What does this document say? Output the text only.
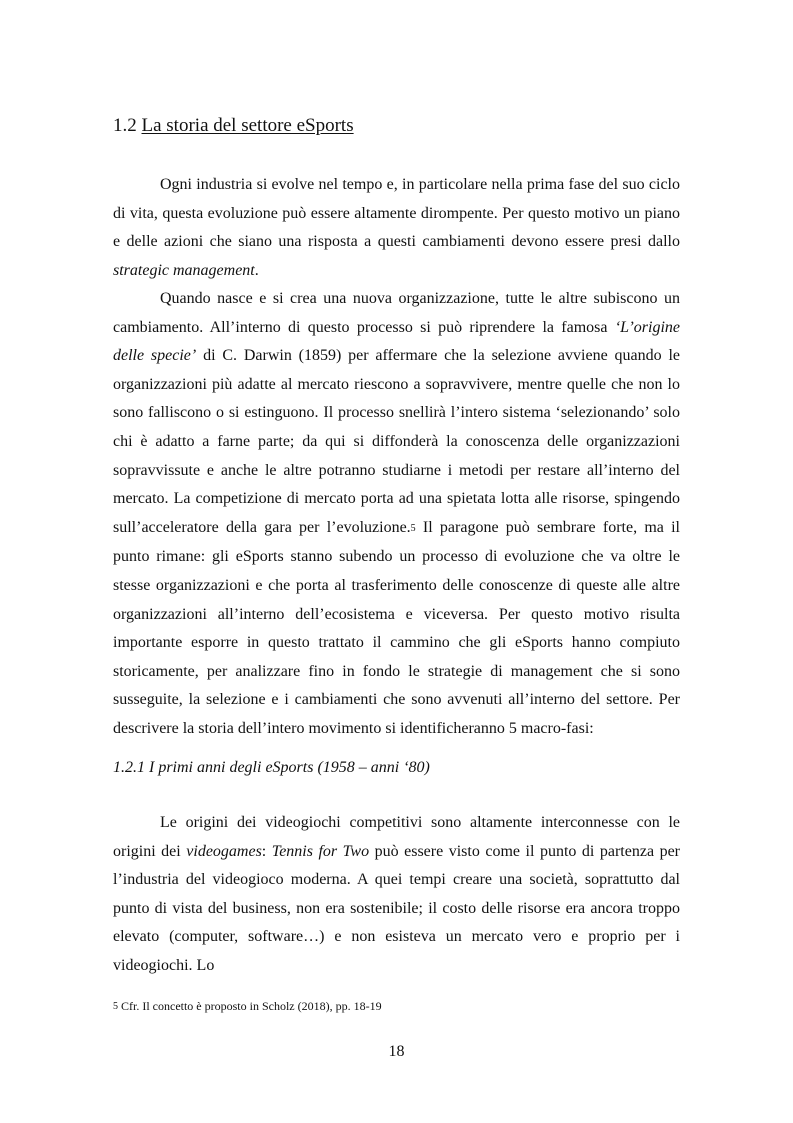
1.2 La storia del settore eSports

Ogni industria si evolve nel tempo e, in particolare nella prima fase del suo ciclo di vita, questa evoluzione può essere altamente dirompente. Per questo motivo un piano e delle azioni che siano una risposta a questi cambiamenti devono essere presi dallo strategic management.

Quando nasce e si crea una nuova organizzazione, tutte le altre subiscono un cambiamento. All’interno di questo processo si può riprendere la famosa ‘L’origine delle specie’ di C. Darwin (1859) per affermare che la selezione avviene quando le organizzazioni più adatte al mercato riescono a sopravvivere, mentre quelle che non lo sono falliscono o si estinguono. Il processo snellirà l’intero sistema ‘selezionando’ solo chi è adatto a farne parte; da qui si diffonderà la conoscenza delle organizzazioni sopravvissute e anche le altre potranno studiarne i metodi per restare all’interno del mercato. La competizione di mercato porta ad una spietata lotta alle risorse, spingendo sull’acceleratore della gara per l’evoluzione.5 Il paragone può sembrare forte, ma il punto rimane: gli eSports stanno subendo un processo di evoluzione che va oltre le stesse organizzazioni e che porta al trasferimento delle conoscenze di queste alle altre organizzazioni all’interno dell’ecosistema e viceversa. Per questo motivo risulta importante esporre in questo trattato il cammino che gli eSports hanno compiuto storicamente, per analizzare fino in fondo le strategie di management che si sono susseguite, la selezione e i cambiamenti che sono avvenuti all’interno del settore. Per descrivere la storia dell’intero movimento si identificheranno 5 macro-fasi:

1.2.1 I primi anni degli eSports (1958 – anni ‘80)

Le origini dei videogiochi competitivi sono altamente interconnesse con le origini dei videogames: Tennis for Two può essere visto come il punto di partenza per l’industria del videogioco moderna. A quei tempi creare una società, soprattutto dal punto di vista del business, non era sostenibile; il costo delle risorse era ancora troppo elevato (computer, software…) e non esisteva un mercato vero e proprio per i videogiochi. Lo

5 Cfr. Il concetto è proposto in Scholz (2018), pp. 18-19
18
